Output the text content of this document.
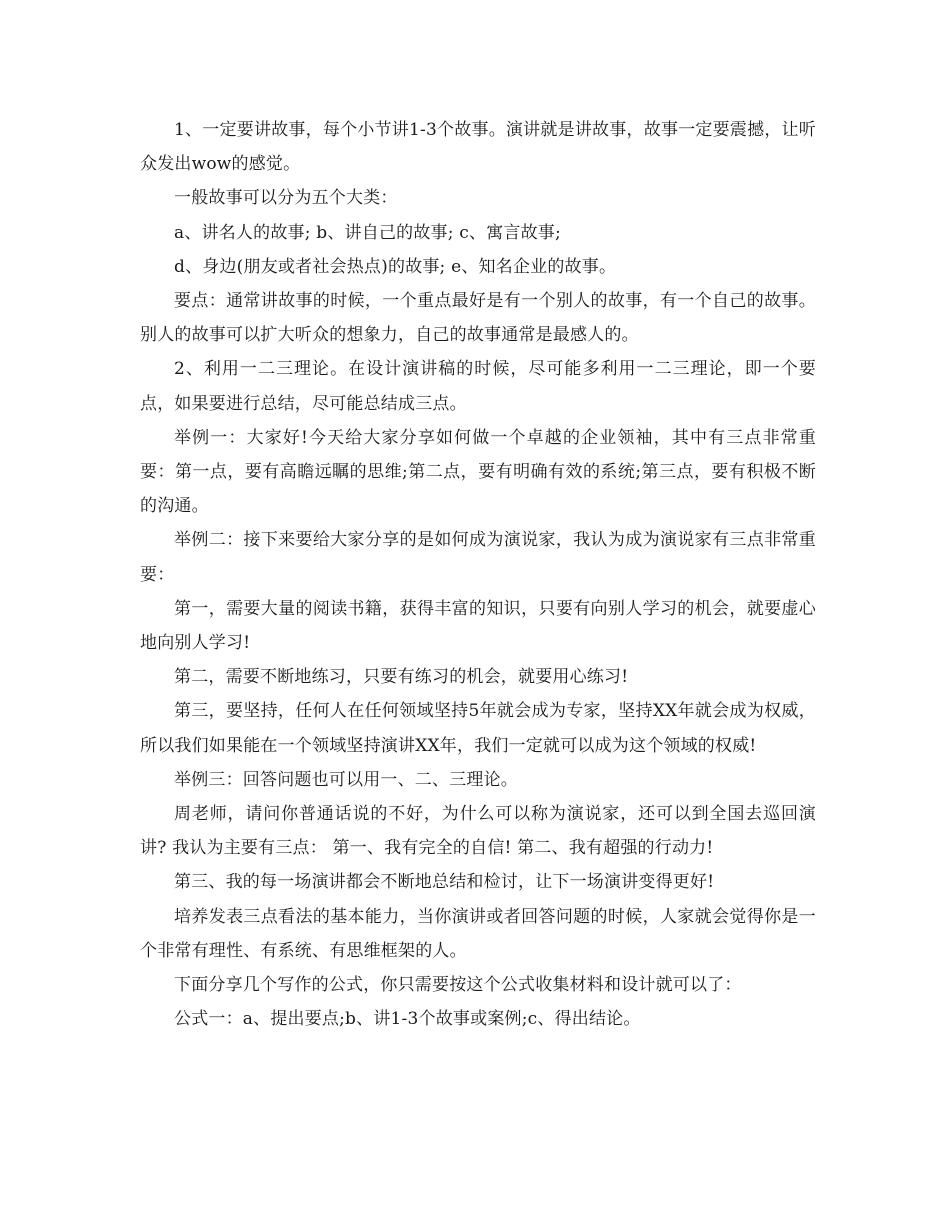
1、一定要讲故事，每个小节讲1-3个故事。演讲就是讲故事，故事一定要震撼，让听众发出wow的感觉。

一般故事可以分为五个大类：

a、讲名人的故事; b、讲自己的故事; c、寓言故事;

d、身边(朋友或者社会热点)的故事; e、知名企业的故事。

要点：通常讲故事的时候，一个重点最好是有一个别人的故事，有一个自己的故事。别人的故事可以扩大听众的想象力，自己的故事通常是最感人的。

2、利用一二三理论。在设计演讲稿的时候，尽可能多利用一二三理论，即一个要点，如果要进行总结，尽可能总结成三点。

举例一：大家好!今天给大家分享如何做一个卓越的企业领袖，其中有三点非常重要：第一点，要有高瞻远瞩的思维;第二点，要有明确有效的系统;第三点，要有积极不断的沟通。

举例二：接下来要给大家分享的是如何成为演说家，我认为成为演说家有三点非常重要：

第一，需要大量的阅读书籍，获得丰富的知识，只要有向别人学习的机会，就要虚心地向别人学习!

第二，需要不断地练习，只要有练习的机会，就要用心练习!

第三，要坚持，任何人在任何领域坚持5年就会成为专家，坚持XX年就会成为权威，所以我们如果能在一个领域坚持演讲XX年，我们一定就可以成为这个领域的权威!

举例三：回答问题也可以用一、二、三理论。

周老师，请问你普通话说的不好，为什么可以称为演说家，还可以到全国去巡回演讲? 我认为主要有三点： 第一、我有完全的自信! 第二、我有超强的行动力!

第三、我的每一场演讲都会不断地总结和检讨，让下一场演讲变得更好!

培养发表三点看法的基本能力，当你演讲或者回答问题的时候，人家就会觉得你是一个非常有理性、有系统、有思维框架的人。

下面分享几个写作的公式，你只需要按这个公式收集材料和设计就可以了：

公式一：a、提出要点;b、讲1-3个故事或案例;c、得出结论。
